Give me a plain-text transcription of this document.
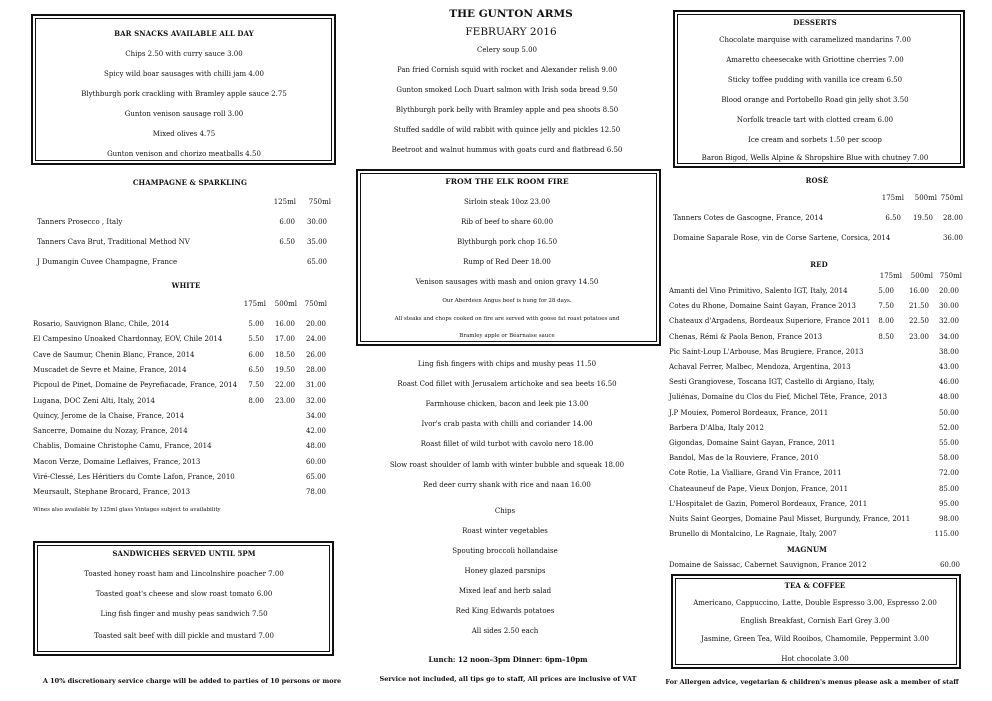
BAR SNACKS AVAILABLE ALL DAY
Chips 2.50 with curry sauce 3.00
Spicy wild boar sausages with chilli jam 4.00
Blythburgh pork crackling with Bramley apple sauce 2.75
Gunton venison sausage roll 3.00
Mixed olives 4.75
Gunton venison and chorizo meatballs 4.50
CHAMPAGNE & SPARKLING
125ml 750ml
Tanners Prosecco , Italy	6.00 30.00
Tanners Cava Brut, Traditional Method NV	6.50 35.00
J Dumangin Cuvee Champagne, France	65.00
WHITE
175ml 500ml 750ml
Rosario, Sauvignon Blanc, Chile, 2014	5.00 16.00 20.00
El Campesino Unoaked Chardonnay, EOV, Chile 2014	5.50 17.00 24.00
Cave de Saumur, Chenin Blanc, France, 2014	6.00 18.50 26.00
Muscadet de Sevre et Maine, France, 2014	6.50 19.50 28.00
Picpoul de Pinet, Domaine de Peyrefiacade, France, 2014 7.50 22.00 31.00
Lugana, DOC Zeni Alti, Italy, 2014	8.00 23.00 32.00
Quincy, Jerome de la Chaise, France, 2014	34.00
Sancerre, Domaine du Nozay, France, 2014	42.00
Chablis, Domaine Christophe Camu, France, 2014	48.00
Macon Verze, Domaine Leflaives, France, 2013	60.00
Viré-Clessé, Les Héritiers du Comte Lafon, France, 2010	65.00
Meursault, Stephane Brocard, France, 2013	78.00
Wines also available by 125ml glass Vintages subject to availability
SANDWICHES SERVED UNTIL 5PM
Toasted honey roast ham and Lincolnshire poacher 7.00
Toasted goat's cheese and slow roast tomato 6.00
Ling fish finger and mushy peas sandwich 7.50
Toasted salt beef with dill pickle and mustard 7.00
A 10% discretionary service charge will be added to parties of 10 persons or more
THE GUNTON ARMS
FEBRUARY 2016
Celery soup 5.00
Pan fried Cornish squid with rocket and Alexander relish 9.00
Gunton smoked Loch Duart salmon with Irish soda bread 9.50
Blythburgh pork belly with Bramley apple and pea shoots 8.50
Stuffed saddle of wild rabbit with quince jelly and pickles 12.50
Beetroot and walnut hummus with goats curd and flatbread 6.50
FROM THE ELK ROOM FIRE
Sirloin steak 10oz 23.00
Rib of beef to share 60.00
Blythburgh pork chop 16.50
Rump of Red Deer 18.00
Venison sausages with mash and onion gravy 14.50
Our Aberdeen Angus beef is hung for 28 days.
All steaks and chops cooked on fire are served with goose fat roast potatoes and
Bramley apple or Béarnaise sauce
Ling fish fingers with chips and mushy peas 11.50
Roast Cod fillet with Jerusalem artichoke and sea beets 16.50
Farmhouse chicken, bacon and leek pie 13.00
Ivor's crab pasta with chilli and coriander 14.00
Roast fillet of wild turbot with cavolo nero 18.00
Slow roast shoulder of lamb with winter bubble and squeak 18.00
Red deer curry shank with rice and naan 16.00
Chips
Roast winter vegetables
Spouting broccoli hollandaise
Honey glazed parsnips
Mixed leaf and herb salad
Red King Edwards potatoes
All sides 2.50 each
Lunch: 12 noon–3pm Dinner: 6pm–10pm
Service not included, all tips go to staff, All prices are inclusive of VAT
DESSERTS
Chocolate marquise with caramelized mandarins 7.00
Amaretto cheesecake with Griottine cherries 7.00
Sticky toffee pudding with vanilla ice cream 6.50
Blood orange and Portobello Road gin jelly shot 3.50
Norfolk treacle tart with clotted cream 6.00
Ice cream and sorbets 1.50 per scoop
Baron Bigod, Wells Alpine & Shropshire Blue with chutney 7.00
ROSÈ
175ml 500ml 750ml
Tanners Cotes de Gascogne, France, 2014	6.50 19.50 28.00
Domaine Saparale Rose, vin de Corse Sartene, Corsica, 2014	36.00
RED
175ml 500ml 750ml
Amanti del Vino Primitivo, Salento IGT, Italy, 2014	5.00 16.00 20.00
Cotes du Rhone, Domaine Saint Gayan, France 2013	7.50 21.50 30.00
Chateaux d'Argadens, Bordeaux Superiore, France 2011 8.00 22.50 32.00
Chenas, Rémi & Paola Benon, France 2013	8.50 23.00 34.00
Pic Saint-Loup L'Arbouse, Mas Brugiere, France, 2013	38.00
Achaval Ferrer, Malbec, Mendoza, Argentina, 2013	43.00
Sesti Grangiovese, Toscana IGT, Castello di Argiano, Italy,	46.00
Juliénas, Domaine du Clos du Fief, Michel Tête, France, 2013	48.00
J.P Mouiex, Pomerol Bordeaux, France, 2011	50.00
Barbera D'Alba, Italy 2012	52.00
Gigondas, Domaine Saint Gayan, France, 2011	55.00
Bandol, Mas de la Rouviere, France, 2010	58.00
Cote Rotie, La Vialliare, Grand Vin France, 2011	72.00
Chateauneuf de Pape, Vieux Donjon, France, 2011	85.00
L'Hospitalet de Gazin, Pomerol Bordeaux, France, 2011	95.00
Nuits Saint Georges, Domaine Paul Misset, Burgundy, France, 2011	98.00
Brunello di Montalcino, Le Ragnaie, Italy, 2007	115.00
MAGNUM
Domaine de Saissac, Cabernet Sauvignon, France 2012	60.00
TEA & COFFEE
Americano, Cappuccino, Latte, Double Espresso 3.00, Espresso 2.00
English Breakfast, Cornish Earl Grey 3.00
Jasmine, Green Tea, Wild Rooibos, Chamomile, Peppermint 3.00
Hot chocolate 3.00
For Allergen advice, vegetarian & children's menus please ask a member of staff
